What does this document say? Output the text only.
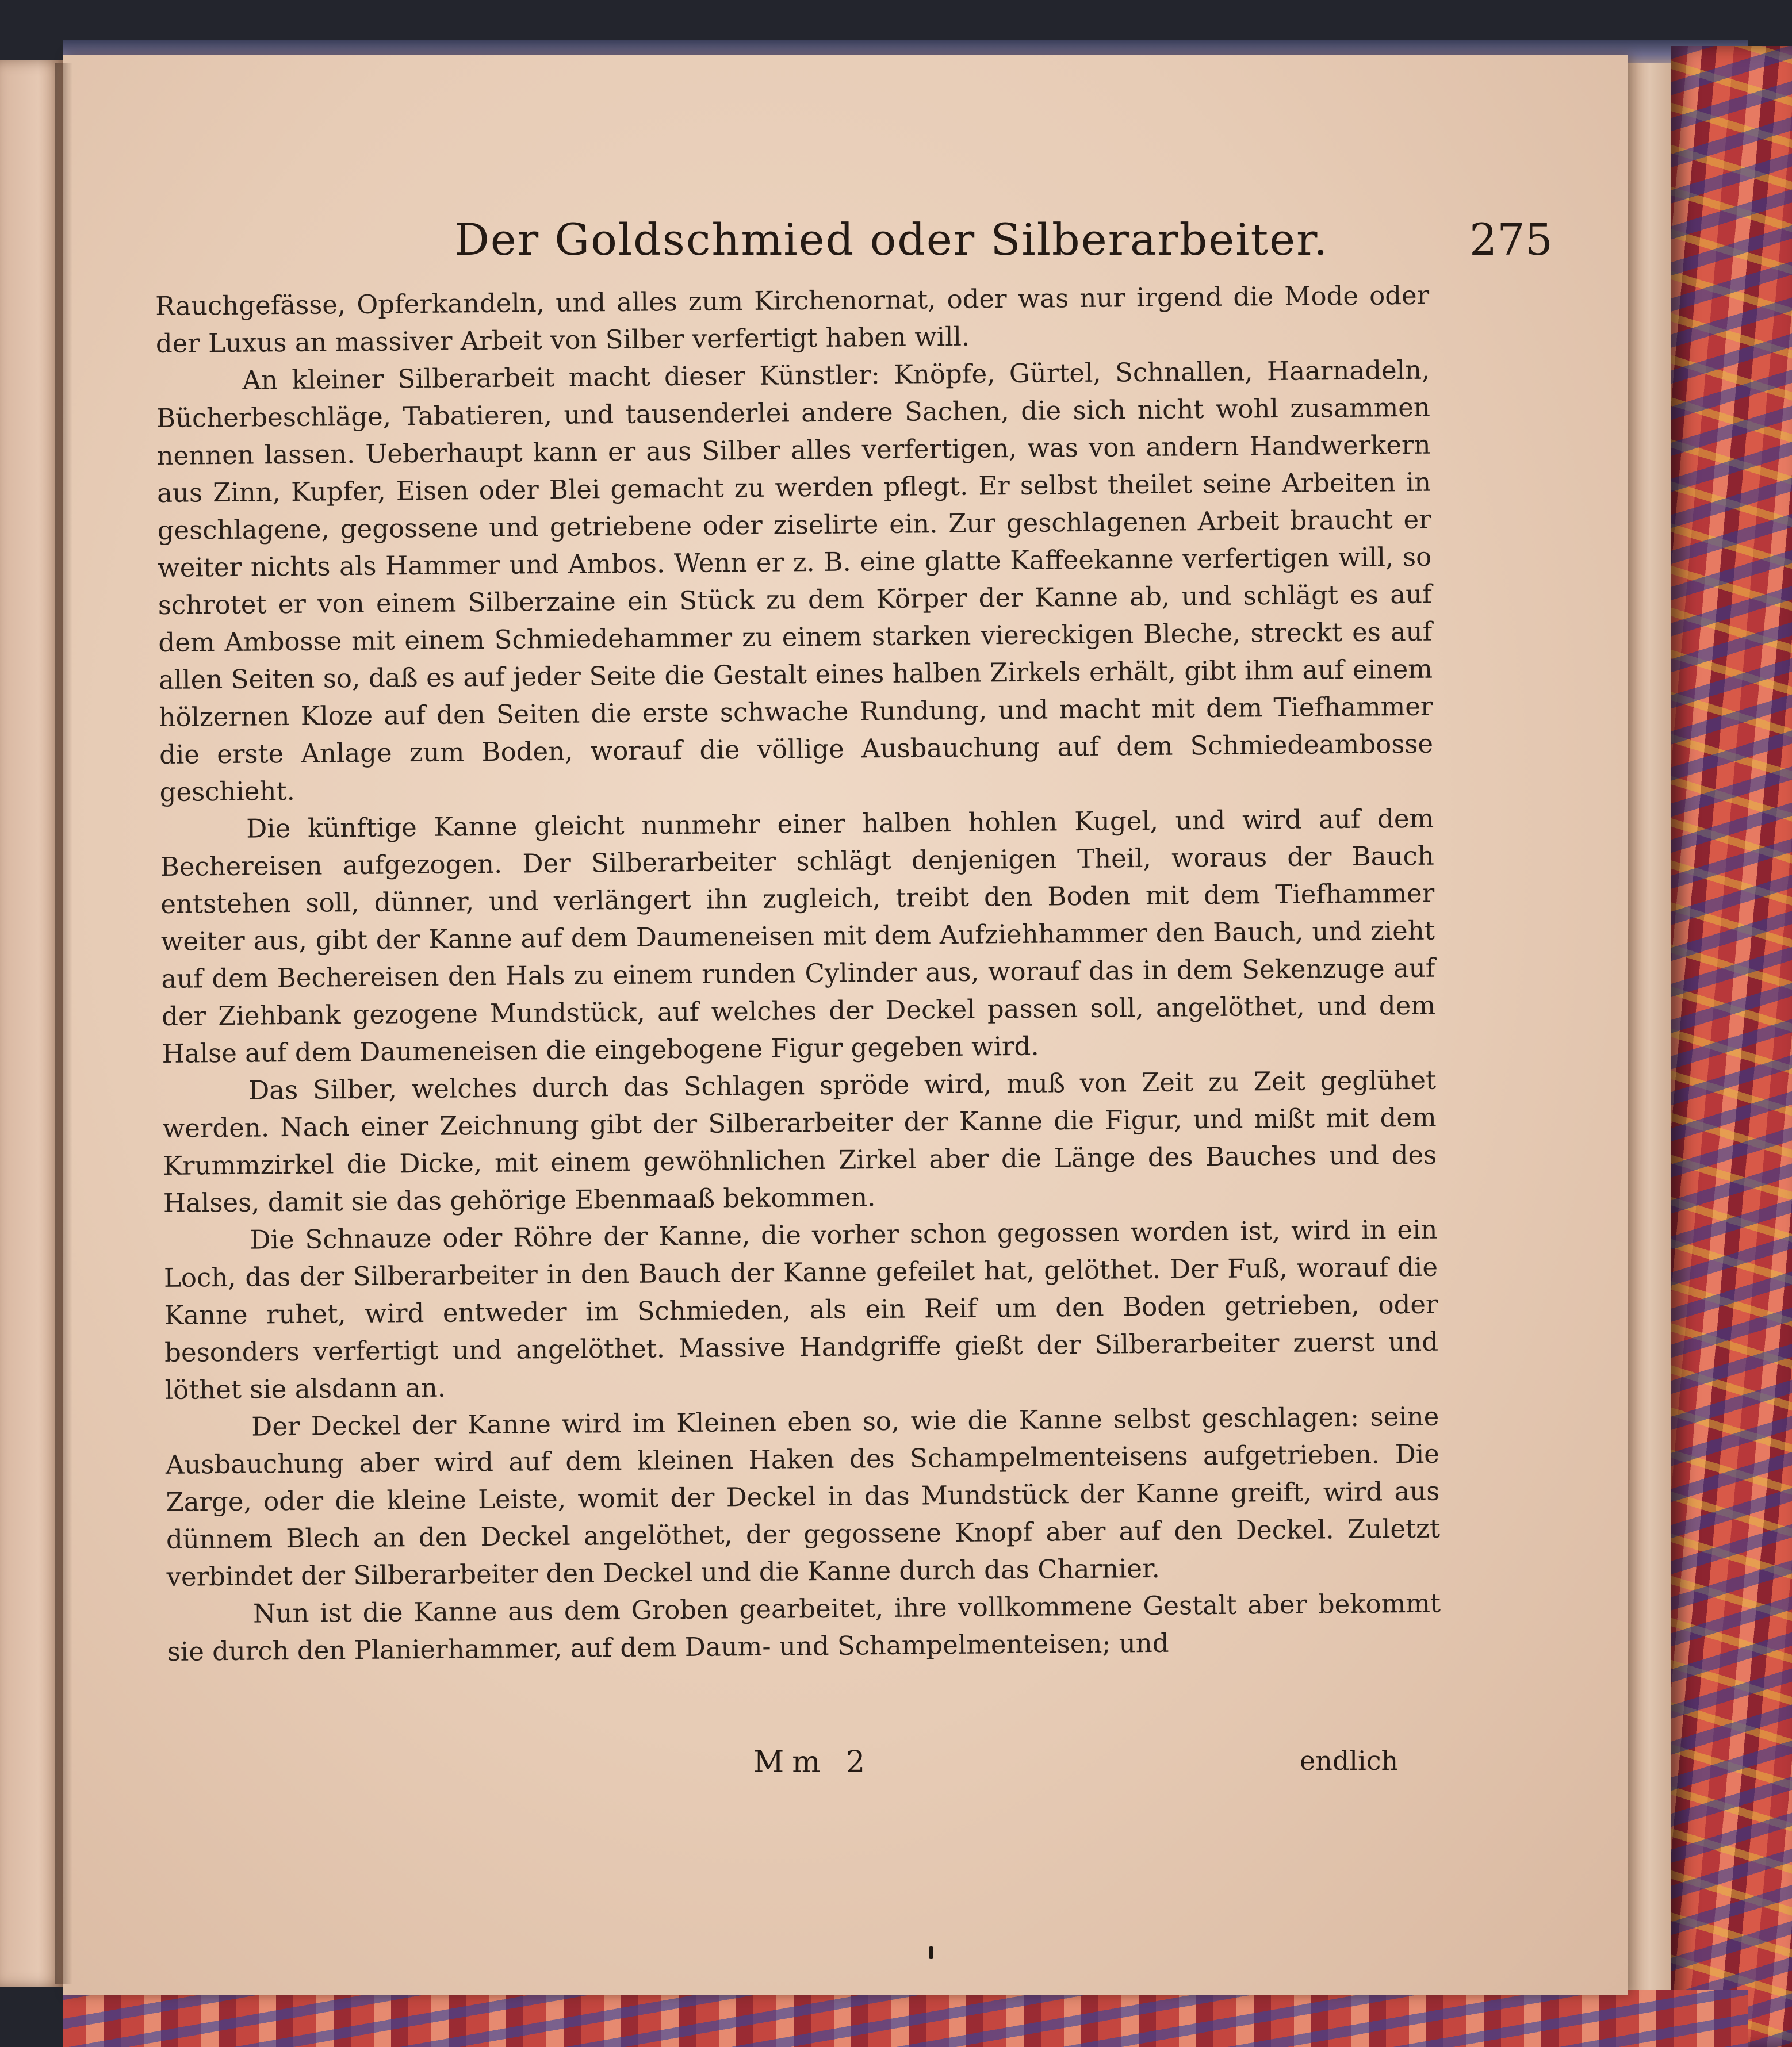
Der Goldschmied oder Silberarbeiter.	275

Rauchgefässe, Opferkandeln, und alles zum Kirchenornat, oder was nur irgend die Mode oder der Luxus an massiver Arbeit von Silber verfertigt haben will.

An kleiner Silberarbeit macht dieser Künstler: Knöpfe, Gürtel, Schnallen, Haarnadeln, Bücherbeschläge, Tabatieren, und tausenderlei andere Sachen, die sich nicht wohl zusammen nennen lassen. Ueberhaupt kann er aus Silber alles verfertigen, was von andern Handwerkern aus Zinn, Kupfer, Eisen oder Blei gemacht zu werden pflegt. Er selbst theilet seine Arbeiten in geschlagene, gegossene und getriebene oder ziselirte ein. Zur geschlagenen Arbeit braucht er weiter nichts als Hammer und Ambos. Wenn er z. B. eine glatte Kaffeekanne verfertigen will, so schrotet er von einem Silberzaine ein Stück zu dem Körper der Kanne ab, und schlägt es auf dem Ambosse mit einem Schmiedehammer zu einem starken viereckigen Bleche, streckt es auf allen Seiten so, daß es auf jeder Seite die Gestalt eines halben Zirkels erhält, gibt ihm auf einem hölzernen Kloze auf den Seiten die erste schwache Rundung, und macht mit dem Tiefhammer die erste Anlage zum Boden, worauf die völlige Ausbauchung auf dem Schmiedeambosse geschieht.

Die künftige Kanne gleicht nunmehr einer halben hohlen Kugel, und wird auf dem Bechereisen aufgezogen. Der Silberarbeiter schlägt denjenigen Theil, woraus der Bauch entstehen soll, dünner, und verlängert ihn zugleich, treibt den Boden mit dem Tiefhammer weiter aus, gibt der Kanne auf dem Daumeneisen mit dem Aufziehhammer den Bauch, und zieht auf dem Bechereisen den Hals zu einem runden Cylinder aus, worauf das in dem Sekenzuge auf der Ziehbank gezogene Mundstück, auf welches der Deckel passen soll, angelöthet, und dem Halse auf dem Daumeneisen die eingebogene Figur gegeben wird.

Das Silber, welches durch das Schlagen spröde wird, muß von Zeit zu Zeit geglühet werden. Nach einer Zeichnung gibt der Silberarbeiter der Kanne die Figur, und mißt mit dem Krummzirkel die Dicke, mit einem gewöhnlichen Zirkel aber die Länge des Bauches und des Halses, damit sie das gehörige Ebenmaaß bekommen.

Die Schnauze oder Röhre der Kanne, die vorher schon gegossen worden ist, wird in ein Loch, das der Silberarbeiter in den Bauch der Kanne gefeilet hat, gelöthet. Der Fuß, worauf die Kanne ruhet, wird entweder im Schmieden, als ein Reif um den Boden getrieben, oder besonders verfertigt und angelöthet. Massive Handgriffe gießt der Silberarbeiter zuerst und löthet sie alsdann an.

Der Deckel der Kanne wird im Kleinen eben so, wie die Kanne selbst geschlagen: seine Ausbauchung aber wird auf dem kleinen Haken des Schampelmenteisens aufgetrieben. Die Zarge, oder die kleine Leiste, womit der Deckel in das Mundstück der Kanne greift, wird aus dünnem Blech an den Deckel angelöthet, der gegossene Knopf aber auf den Deckel. Zuletzt verbindet der Silberarbeiter den Deckel und die Kanne durch das Charnier.

Nun ist die Kanne aus dem Groben gearbeitet, ihre vollkommene Gestalt aber bekommt sie durch den Planierhammer, auf dem Daum- und Schampelmenteisen; und

Mm 2	endlich
